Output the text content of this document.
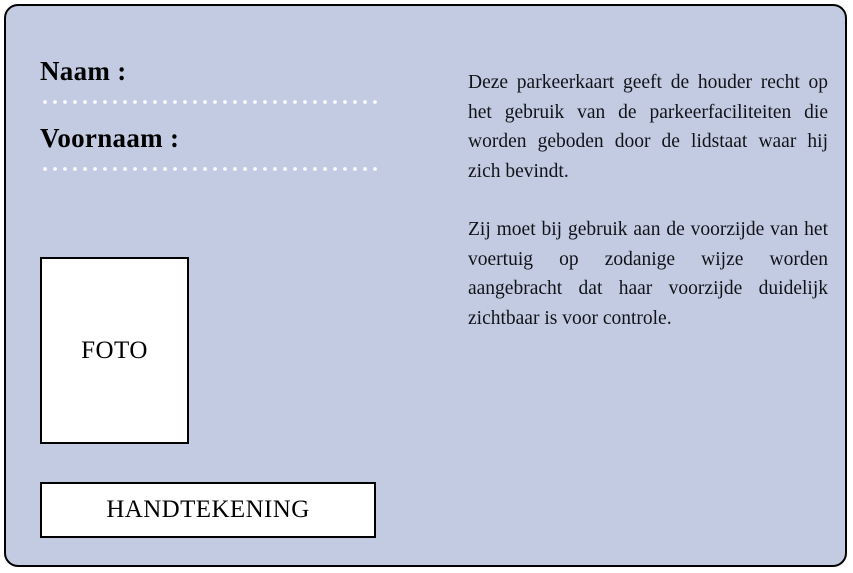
Naam :
Voornaam :
FOTO
HANDTEKENING

Deze parkeerkaart geeft de houder recht op het gebruik van de parkeerfaciliteiten die worden geboden door de lidstaat waar hij zich bevindt.

Zij moet bij gebruik aan de voorzijde van het voertuig op zodanige wijze worden aangebracht dat haar voorzijde duidelijk zichtbaar is voor controle.
